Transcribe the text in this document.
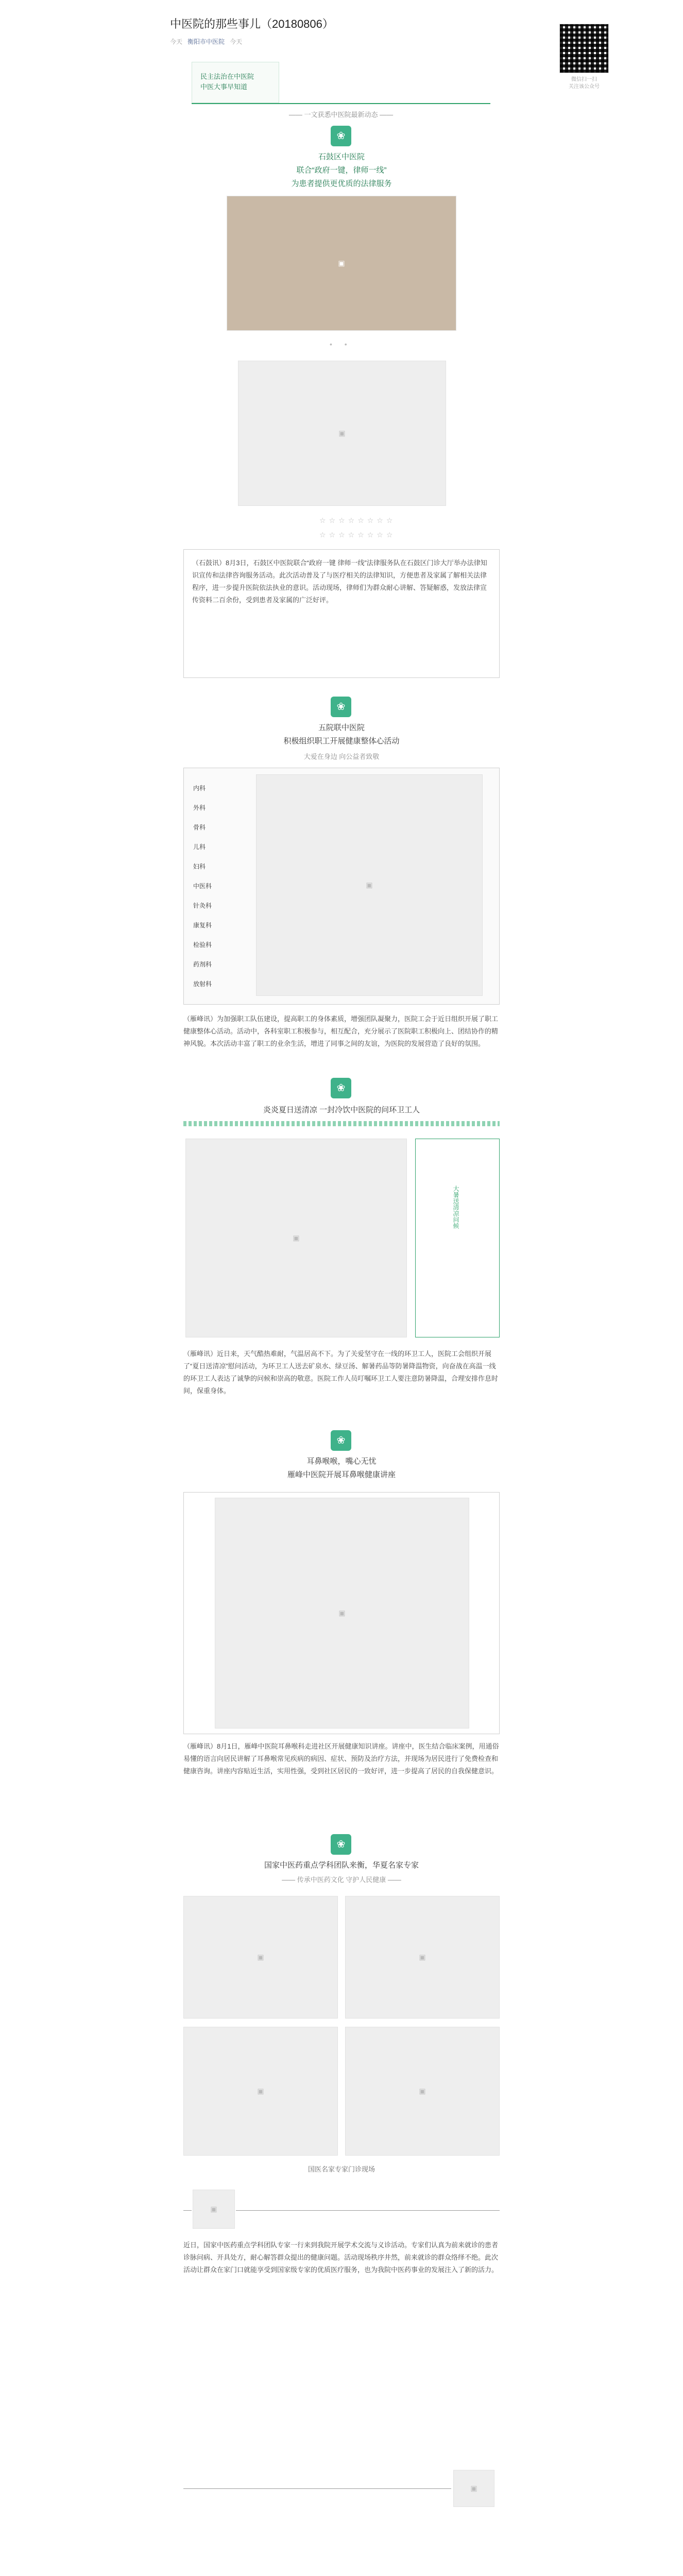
中医院的那些事儿（20180806）
今天 衡阳市中医院 今天
微信扫一扫
关注该公众号
民主法治在中医院
中医大事早知道
—— 一文获悉中医院最新动态 ——
❀
石鼓区中医院
联合“政府一键，律师一线”
为患者提供更优质的法律服务
▣
• •
▣
☆☆☆☆☆☆☆☆
☆☆☆☆☆☆☆☆
（石鼓讯）8月3日，石鼓区中医院联合“政府一键 律师一线”法律服务队在石鼓区门诊大厅举办法律知识宣传和法律咨询服务活动。此次活动普及了与医疗相关的法律知识，方便患者及家属了解相关法律程序，进一步提升医院依法执业的意识。活动现场，律师们为群众耐心讲解、答疑解惑，发放法律宣传资料二百余份，受到患者及家属的广泛好评。
❀
五院联中医院
积极组织职工开展健康整体心活动
大爱在身边 向公益者致敬
内科
外科
骨科
儿科
妇科
中医科
针灸科
康复科
检验科
药剂科
放射科
▣
（雁峰讯）为加强职工队伍建设，提高职工的身体素质，增强团队凝聚力，医院工会于近日组织开展了职工健康整体心活动。活动中，各科室职工积极参与，相互配合，充分展示了医院职工积极向上、团结协作的精神风貌。本次活动丰富了职工的业余生活，增进了同事之间的友谊，为医院的发展营造了良好的氛围。
❀
炎炎夏日送清凉 一封冷饮中医院的问环卫工人
▣
大暑送清凉问候
（雁峰讯）近日来，天气酷热难耐，气温居高不下。为了关爱坚守在一线的环卫工人，医院工会组织开展了“夏日送清凉”慰问活动，为环卫工人送去矿泉水、绿豆汤、解暑药品等防暑降温物资，向奋战在高温一线的环卫工人表达了诚挚的问候和崇高的敬意。医院工作人员叮嘱环卫工人要注意防暑降温，合理安排作息时间，保重身体。
❀
耳鼻喉喉，嘴心无忧
雁峰中医院开展耳鼻喉健康讲座
▣
（雁峰讯）8月1日，雁峰中医院耳鼻喉科走进社区开展健康知识讲座。讲座中，医生结合临床案例，用通俗易懂的语言向居民讲解了耳鼻喉常见疾病的病因、症状、预防及治疗方法，并现场为居民进行了免费检查和健康咨询。讲座内容贴近生活，实用性强，受到社区居民的一致好评，进一步提高了居民的自我保健意识。
❀
国家中医药重点学科团队来衡，华夏名家专家
—— 传承中医药文化 守护人民健康 ——
▣	▣
▣	▣
国医名家专家门诊现场
▣
近日，国家中医药重点学科团队专家一行来到我院开展学术交流与义诊活动。专家们认真为前来就诊的患者诊脉问病、开具处方，耐心解答群众提出的健康问题。活动现场秩序井然，前来就诊的群众络绎不绝。此次活动让群众在家门口就能享受到国家级专家的优质医疗服务，也为我院中医药事业的发展注入了新的活力。
▣
